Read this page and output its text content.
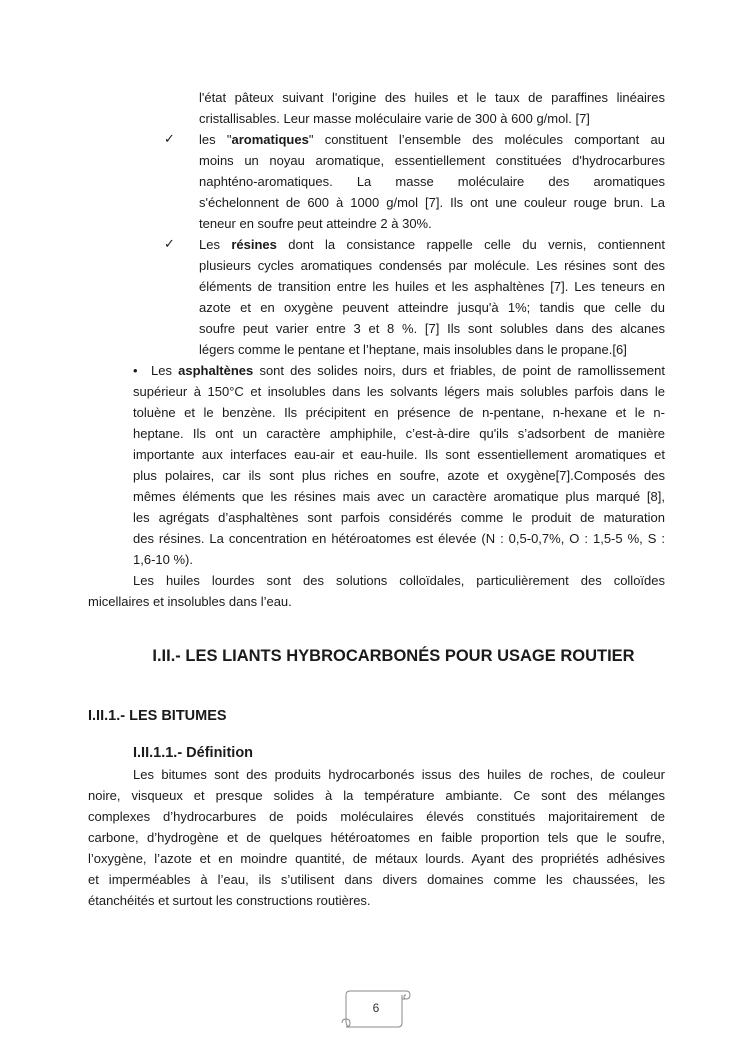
l'état pâteux suivant l'origine des huiles et le taux de paraffines linéaires

cristallisables. Leur masse moléculaire varie de 300 à 600 g/mol. [7]

✓ les "aromatiques" constituent l’ensemble des molécules comportant au

moins un noyau aromatique, essentiellement constituées d'hydrocarbures

naphténo-aromatiques. La masse moléculaire des aromatiques

s'échelonnent de 600 à 1000 g/mol [7]. Ils ont une couleur rouge brun. La

teneur en soufre peut atteindre 2 à 30%.

✓ Les résines dont la consistance rappelle celle du vernis, contiennent

plusieurs cycles aromatiques condensés par molécule. Les résines sont des

éléments de transition entre les huiles et les asphaltènes [7]. Les teneurs en

azote et en oxygène peuvent atteindre jusqu'à 1%; tandis que celle du

soufre peut varier entre 3 et 8 %. [7] Ils sont solubles dans des alcanes

légers comme le pentane et l’heptane, mais insolubles dans le propane.[6]

• Les asphaltènes sont des solides noirs, durs et friables, de point de ramollissement

supérieur à 150°C et insolubles dans les solvants légers mais solubles parfois dans le

toluène et le benzène. Ils précipitent en présence de n-pentane, n-hexane et le n-

heptane. Ils ont un caractère amphiphile, c’est-à-dire qu'ils s’adsorbent de manière

importante aux interfaces eau-air et eau-huile. Ils sont essentiellement aromatiques et

plus polaires, car ils sont plus riches en soufre, azote et oxygène[7].Composés des

mêmes éléments que les résines mais avec un caractère aromatique plus marqué [8],

les agrégats d’asphaltènes sont parfois considérés comme le produit de maturation

des résines. La concentration en hétéroatomes est élevée (N : 0,5-0,7%, O : 1,5-5 %, S :

1,6-10 %).

Les huiles lourdes sont des solutions colloïdales, particulièrement des colloïdes

micellaires et insolubles dans l’eau.

I.II.- LES LIANTS HYBROCARBONÉS POUR USAGE ROUTIER
I.II.1.- LES BITUMES
I.II.1.1.- Définition

Les bitumes sont des produits hydrocarbonés issus des huiles de roches, de couleur

noire, visqueux et presque solides à la température ambiante. Ce sont des mélanges

complexes d’hydrocarbures de poids moléculaires élevés constitués majoritairement de

carbone, d’hydrogène et de quelques hétéroatomes en faible proportion tels que le soufre,

l’oxygène, l’azote et en moindre quantité, de métaux lourds. Ayant des propriétés adhésives

et imperméables à l’eau, ils s’utilisent dans divers domaines comme les chaussées, les

étanchéités et surtout les constructions routières.

6
